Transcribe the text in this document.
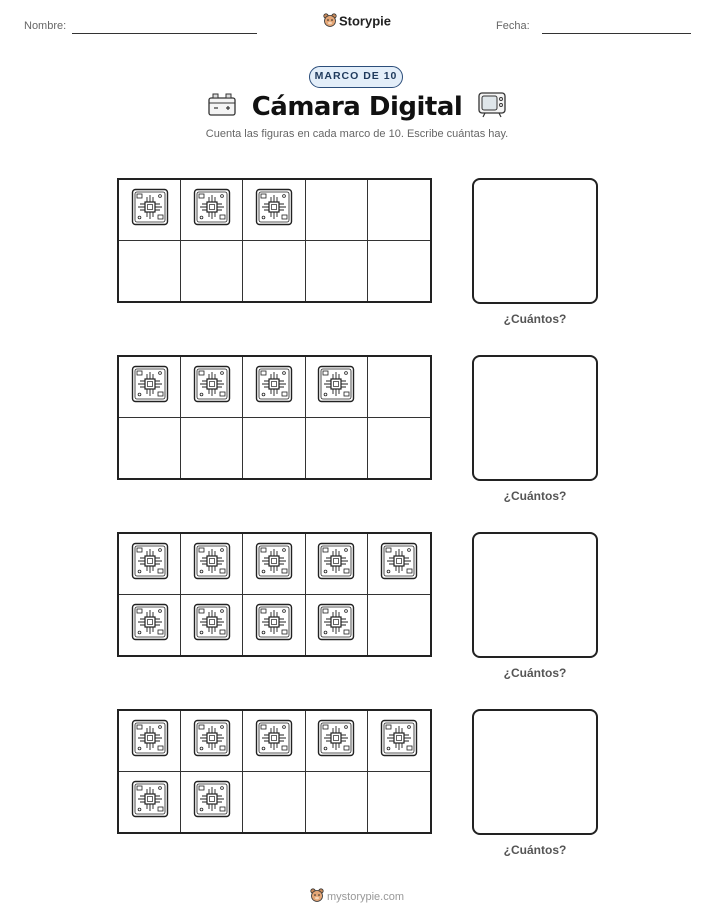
Nombre:	Storypie	Fecha:
MARCO DE 10
Cámara Digital
Cuenta las figuras en cada marco de 10. Escribe cuántas hay.
¿Cuántos?
¿Cuántos?
¿Cuántos?
¿Cuántos?
mystorypie.com
